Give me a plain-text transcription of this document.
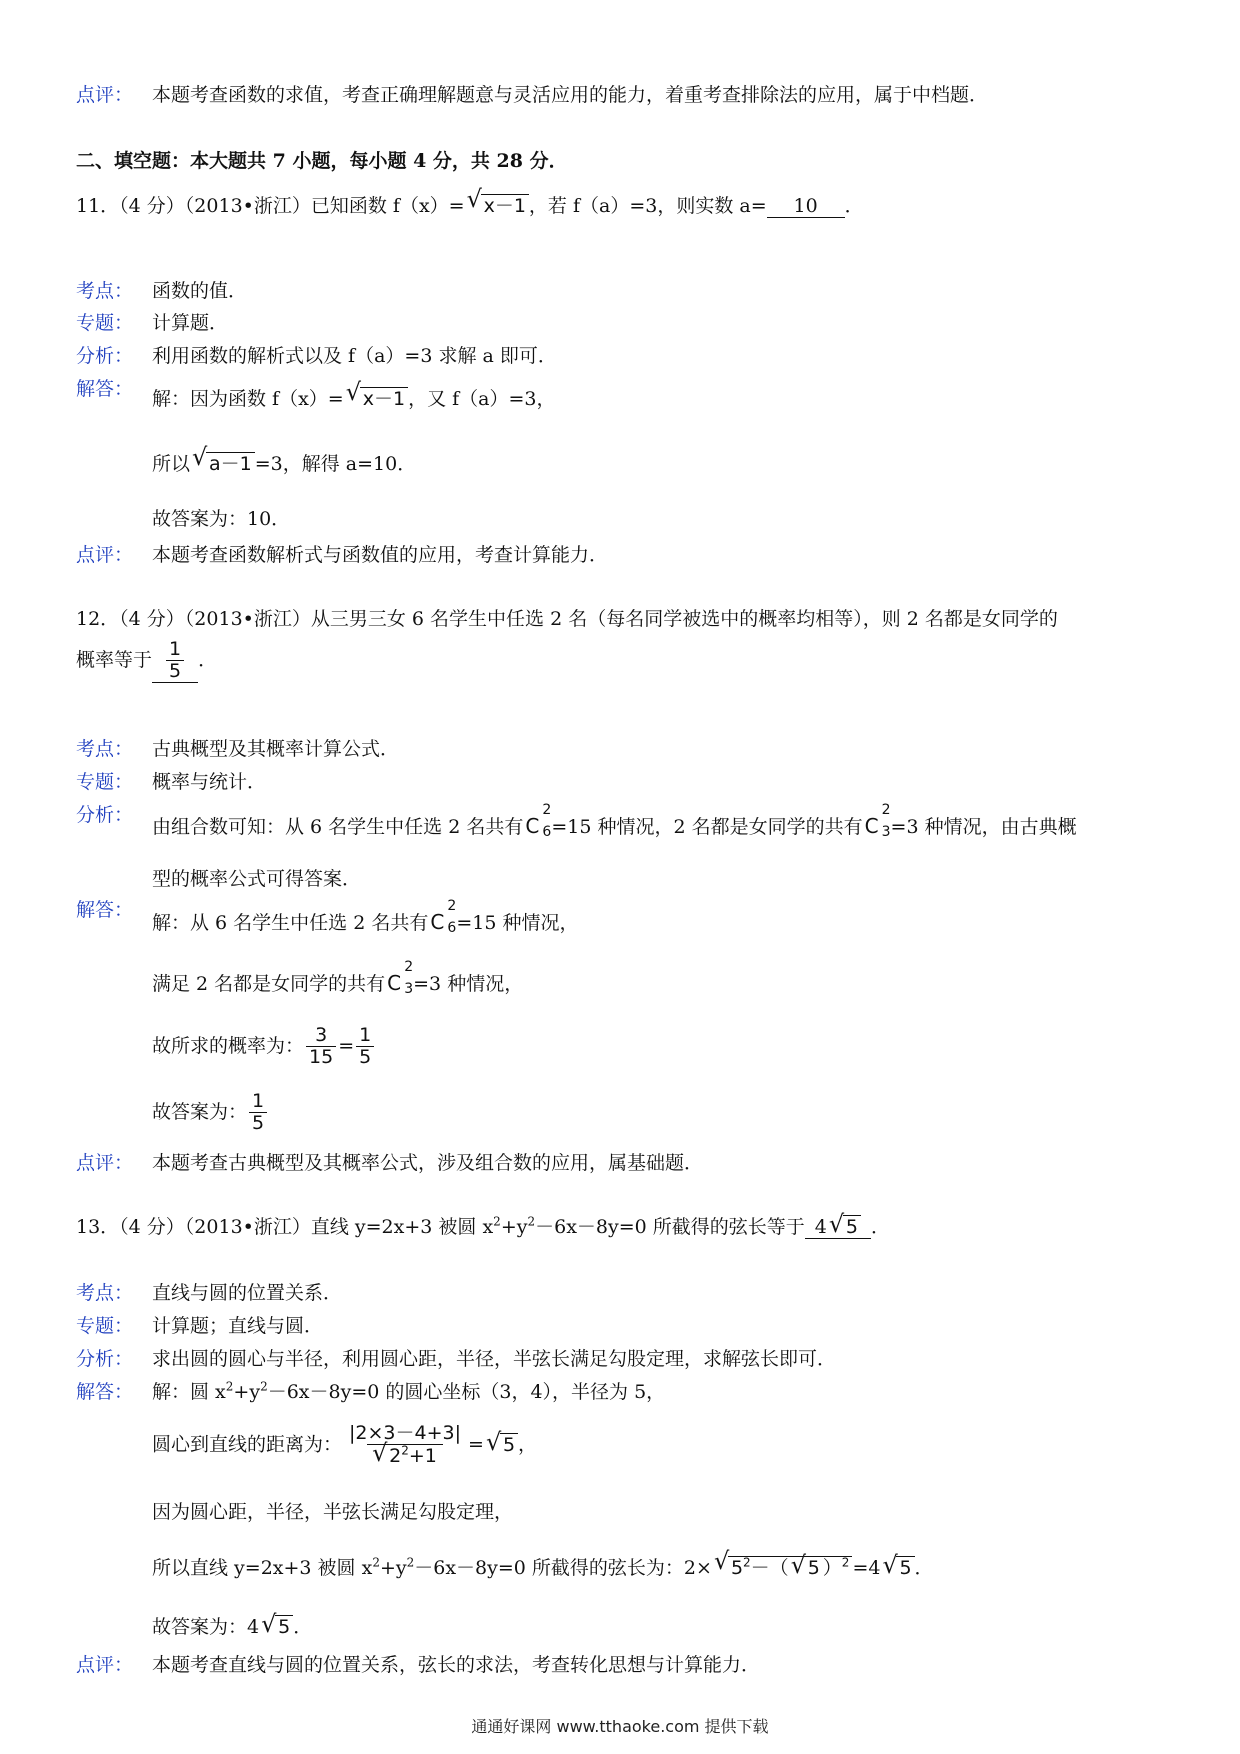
点评： 本题考查函数的求值，考查正确理解题意与灵活应用的能力，着重考查排除法的应用，属于中档题．
二、填空题：本大题共 7 小题，每小题 4 分，共 28 分．
11．（4 分）（2013•浙江）已知函数 f（x）= √ x－1 ，若 f（a）=3，则实数 a= 10 ．
考点： 函数的值．
专题： 计算题．
分析： 利用函数的解析式以及 f（a）=3 求解 a 即可．
解答： 解：因为函数 f（x）= √ x－1 ，又 f（a）=3，
所以 √ a－1 =3，解得 a=10．
故答案为：10．
点评： 本题考查函数解析式与函数值的应用，考查计算能力．
12．（4 分）（2013•浙江）从三男三女 6 名学生中任选 2 名（每名同学被选中的概率均相等），则 2 名都是女同学的
概率等于 $\frac{1}{5}$ ．
考点： 古典概型及其概率计算公式．
专题： 概率与统计．
分析：
由组合数可知：从 6 名学生中任选 2 名共有 C
2
6 =15 种情况，2 名都是女同学的共有 C
2
3 =3 种情况，由古典概
型的概率公式可得答案．
解答：
解：从 6 名学生中任选 2 名共有 C
2
6 =15 种情况，
满足 2 名都是女同学的共有 C
2
3 =3 种情况，
故所求的概率为： $\frac{3}{15} = \frac{1}{5}$
故答案为： $\frac{1}{5}$
点评： 本题考查古典概型及其概率公式，涉及组合数的应用，属基础题．
13．（4 分）（2013•浙江）直线 y=2x+3 被圆 $x^2+y^2-6x-8y=0$ 所截得的弦长等于 4 √ 5 ．
考点： 直线与圆的位置关系．
专题： 计算题；直线与圆．
分析： 求出圆的圆心与半径，利用圆心距，半径，半弦长满足勾股定理，求解弦长即可．
解答： 解：圆 $x^2+y^2-6x-8y=0$ 的圆心坐标（3，4），半径为 5，
圆心到直线的距离为： $\frac{|2\times 3-4+3|}{√ 2^2+1}$ = √ 5 ，
因为圆心距，半径，半弦长满足勾股定理，
所以直线 y=2x+3 被圆 $x^2+y^2-6x-8y=0$ 所截得的弦长为：2× √ $5^2-$（ √ 5 ）$^2$ =4 √ 5 ．
故答案为：4 √ 5 ．
点评： 本题考查直线与圆的位置关系，弦长的求法，考查转化思想与计算能力．
通通好课网 www.tthaoke.com 提供下载
